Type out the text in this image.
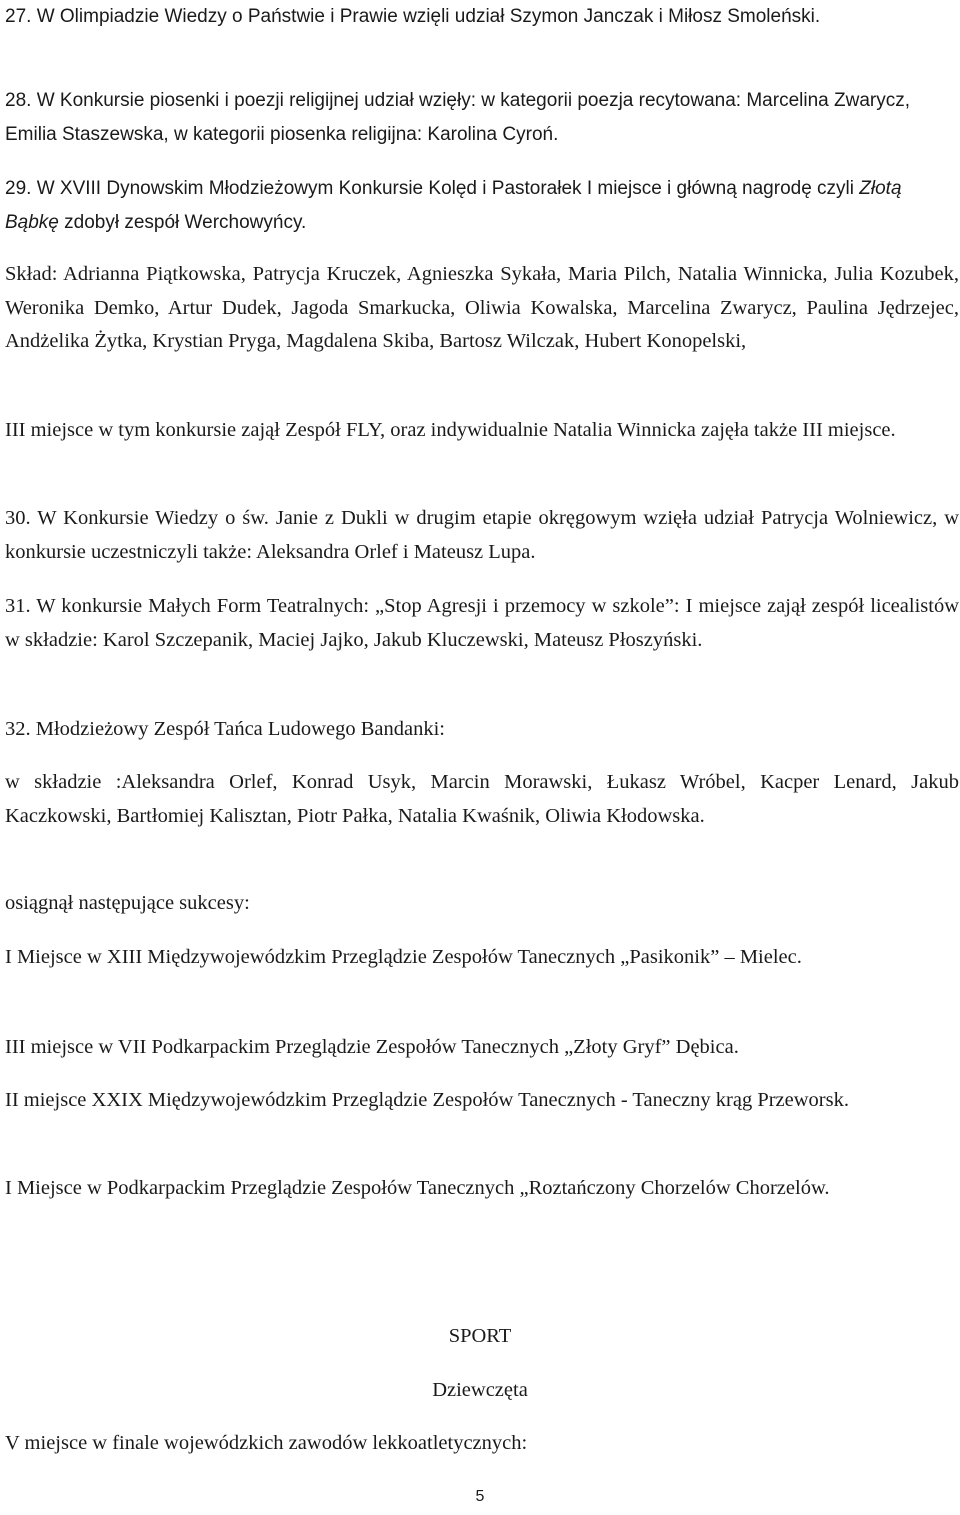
27. W Olimpiadzie Wiedzy o Państwie i Prawie wzięli udział Szymon Janczak i Miłosz Smoleński.

28. W Konkursie piosenki i poezji religijnej udział wzięły: w kategorii poezja recytowana: Marcelina Zwarycz, Emilia Staszewska, w kategorii piosenka religijna: Karolina Cyroń.

29. W XVIII Dynowskim Młodzieżowym Konkursie Kolęd i Pastorałek I miejsce i główną nagrodę czyli Złotą Bąbkę zdobył zespół Werchowyńcy.

Skład: Adrianna Piątkowska, Patrycja Kruczek, Agnieszka Sykała, Maria Pilch, Natalia Winnicka, Julia Kozubek, Weronika Demko, Artur Dudek, Jagoda Smarkucka, Oliwia Kowalska, Marcelina Zwarycz, Paulina Jędrzejec, Andżelika Żytka, Krystian Pryga, Magdalena Skiba, Bartosz Wilczak, Hubert Konopelski,

III miejsce w tym konkursie zajął Zespół FLY, oraz indywidualnie Natalia Winnicka zajęła także III miejsce.

30. W Konkursie Wiedzy o św. Janie z Dukli w drugim etapie okręgowym wzięła udział Patrycja Wolniewicz, w konkursie uczestniczyli także: Aleksandra Orlef i Mateusz Lupa.

31. W konkursie Małych Form Teatralnych: „Stop Agresji i przemocy w szkole”: I miejsce zajął zespół licealistów w składzie: Karol Szczepanik, Maciej Jajko, Jakub Kluczewski, Mateusz Płoszyński.

32. Młodzieżowy Zespół Tańca Ludowego Bandanki:

w składzie :Aleksandra Orlef, Konrad Usyk, Marcin Morawski, Łukasz Wróbel, Kacper Lenard, Jakub Kaczkowski, Bartłomiej Kalisztan, Piotr Pałka, Natalia Kwaśnik, Oliwia Kłodowska.

osiągnął następujące sukcesy:

I Miejsce w XIII Międzywojewódzkim Przeglądzie Zespołów Tanecznych „Pasikonik” – Mielec.

III miejsce w VII Podkarpackim Przeglądzie Zespołów Tanecznych „Złoty Gryf” Dębica.

II miejsce XXIX Międzywojewódzkim Przeglądzie Zespołów Tanecznych - Taneczny krąg Przeworsk.

I Miejsce w Podkarpackim Przeglądzie Zespołów Tanecznych „Roztańczony Chorzelów Chorzelów.

SPORT

Dziewczęta

V miejsce w finale wojewódzkich zawodów lekkoatletycznych:

5
